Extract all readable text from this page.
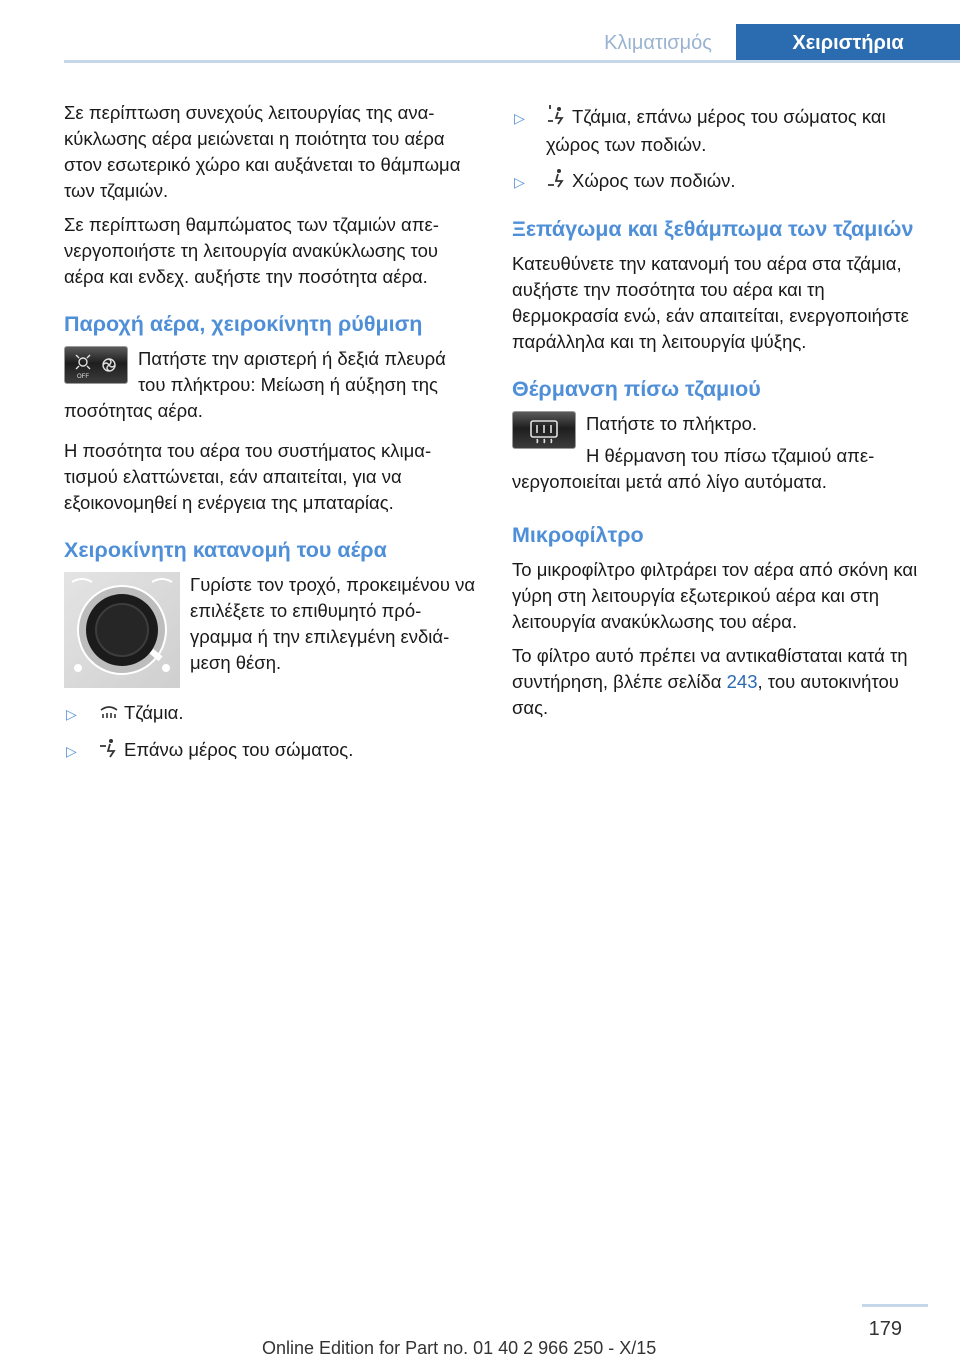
Κλιματισμός	Χειριστήρια

Σε περίπτωση συνεχούς λειτουργίας της ανακύκλωσης αέρα μειώνεται η ποιότητα του αέρα στον εσωτερικό χώρο και αυξάνεται το θάμπωμα των τζαμιών.

Σε περίπτωση θαμπώματος των τζαμιών απενεργοποιήστε τη λειτουργία ανακύκλωσης του αέρα και ενδεχ. αυξήστε την ποσότητα αέρα.

Παροχή αέρα, χειροκίνητη ρύθμιση
OFF

Πατήστε την αριστερή ή δεξιά πλευρά του πλήκτρου: Μείωση ή αύξηση της ποσότητας αέρα.

Η ποσότητα του αέρα του συστήματος κλιματισμού ελαττώνεται, εάν απαιτείται, για να εξοικονομηθεί η ενέργεια της μπαταρίας.

Χειροκίνητη κατανομή του αέρα

Γυρίστε τον τροχό, προκειμένου να επιλέξετε το επιθυμητό πρόγραμμα ή την επιλεγμένη ενδιάμεση θέση.

▷	Τζάμια.
▷	Επάνω μέρος του σώματος.
▷	Τζάμια, επάνω μέρος του σώματος και χώρος των ποδιών.
▷	Χώρος των ποδιών.
Ξεπάγωμα και ξεθάμπωμα των τζαμιών

Κατευθύνετε την κατανομή του αέρα στα τζάμια, αυξήστε την ποσότητα του αέρα και τη θερμοκρασία ενώ, εάν απαιτείται, ενεργοποιήστε παράλληλα και τη λειτουργία ψύξης.

Θέρμανση πίσω τζαμιού

Πατήστε το πλήκτρο.

Η θέρμανση του πίσω τζαμιού απενεργοποιείται μετά από λίγο αυτόματα.

Μικροφίλτρο

Το μικροφίλτρο φιλτράρει τον αέρα από σκόνη και γύρη στη λειτουργία εξωτερικού αέρα και στη λειτουργία ανακύκλωσης του αέρα.

Το φίλτρο αυτό πρέπει να αντικαθίσταται κατά τη συντήρηση, βλέπε σελίδα 243, του αυτοκινήτου σας.

179
Online Edition for Part no. 01 40 2 966 250 - X/15
